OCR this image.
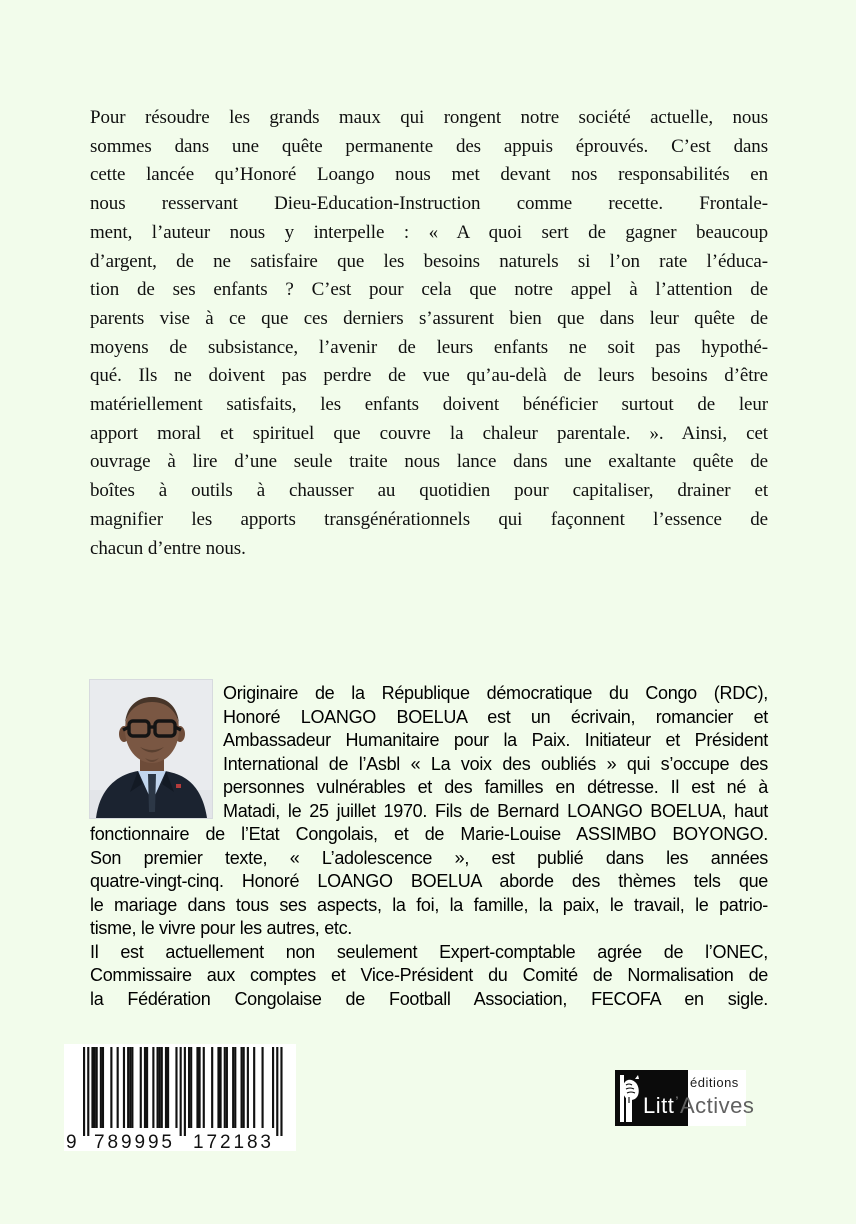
Pour résoudre les grands maux qui rongent notre société actuelle, nous
sommes dans une quête permanente des appuis éprouvés. C’est dans
cette lancée qu’Honoré Loango nous met devant nos responsabilités en
nous resservant Dieu-Education-Instruction comme recette. Frontale-
ment, l’auteur nous y interpelle : « A quoi sert de gagner beaucoup
d’argent, de ne satisfaire que les besoins naturels si l’on rate l’éduca-
tion de ses enfants ? C’est pour cela que notre appel à l’attention de
parents vise à ce que ces derniers s’assurent bien que dans leur quête de
moyens de subsistance, l’avenir de leurs enfants ne soit pas hypothé-
qué. Ils ne doivent pas perdre de vue qu’au-delà de leurs besoins d’être
matériellement satisfaits, les enfants doivent bénéficier surtout de leur
apport moral et spirituel que couvre la chaleur parentale. ». Ainsi, cet
ouvrage à lire d’une seule traite nous lance dans une exaltante quête de
boîtes à outils à chausser au quotidien pour capitaliser, drainer et
magnifier les apports transgénérationnels qui façonnent l’essence de
chacun d’entre nous.
Originaire de la République démocratique du Congo (RDC),
Honoré LOANGO BOELUA est un écrivain, romancier et
Ambassadeur Humanitaire pour la Paix. Initiateur et Président
International de l’Asbl « La voix des oubliés » qui s’occupe des
personnes vulnérables et des familles en détresse. Il est né à
Matadi, le 25 juillet 1970. Fils de Bernard LOANGO BOELUA, haut
fonctionnaire de l’Etat Congolais, et de Marie-Louise ASSIMBO BOYONGO.
Son premier texte, « L’adolescence », est publié dans les années
quatre-vingt-cinq. Honoré LOANGO BOELUA aborde des thèmes tels que
le mariage dans tous ses aspects, la foi, la famille, la paix, le travail, le patrio-
tisme, le vivre pour les autres, etc.
Il est actuellement non seulement Expert-comptable agrée de l’ONEC,
Commissaire aux comptes et Vice-Président du Comité de Normalisation de
la Fédération Congolaise de Football Association, FECOFA en sigle.
9 789995 172183
éditions
Litt’Actives
